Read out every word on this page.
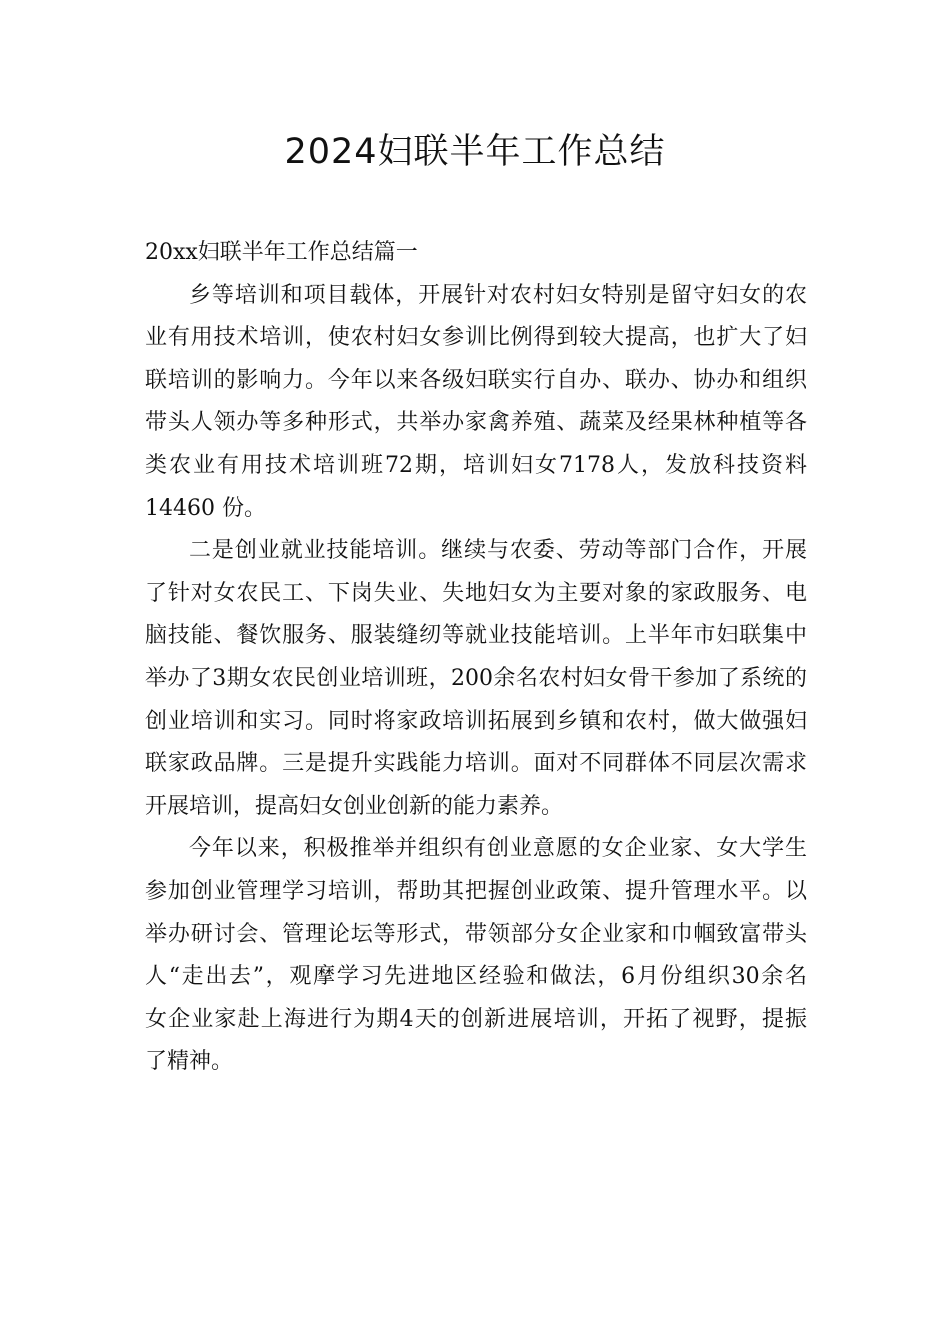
2024妇联半年工作总结
20xx妇联半年工作总结篇一

乡等培训和项目载体，开展针对农村妇女特别是留守妇女的农
业有用技术培训，使农村妇女参训比例得到较大提高，也扩大了妇
联培训的影响力。今年以来各级妇联实行自办、联办、协办和组织
带头人领办等多种形式，共举办家禽养殖、蔬菜及经果林种植等各
类农业有用技术培训班72期，培训妇女7178人，发放科技资料
14460 份。

二是创业就业技能培训。继续与农委、劳动等部门合作，开展
了针对女农民工、下岗失业、失地妇女为主要对象的家政服务、电
脑技能、餐饮服务、服装缝纫等就业技能培训。上半年市妇联集中
举办了3期女农民创业培训班，200余名农村妇女骨干参加了系统的
创业培训和实习。同时将家政培训拓展到乡镇和农村，做大做强妇
联家政品牌。三是提升实践能力培训。面对不同群体不同层次需求
开展培训，提高妇女创业创新的能力素养。

今年以来，积极推举并组织有创业意愿的女企业家、女大学生
参加创业管理学习培训，帮助其把握创业政策、提升管理水平。以
举办研讨会、管理论坛等形式，带领部分女企业家和巾帼致富带头
人“走出去”，观摩学习先进地区经验和做法，6月份组织30余名
女企业家赴上海进行为期4天的创新进展培训，开拓了视野，提振
了精神。
